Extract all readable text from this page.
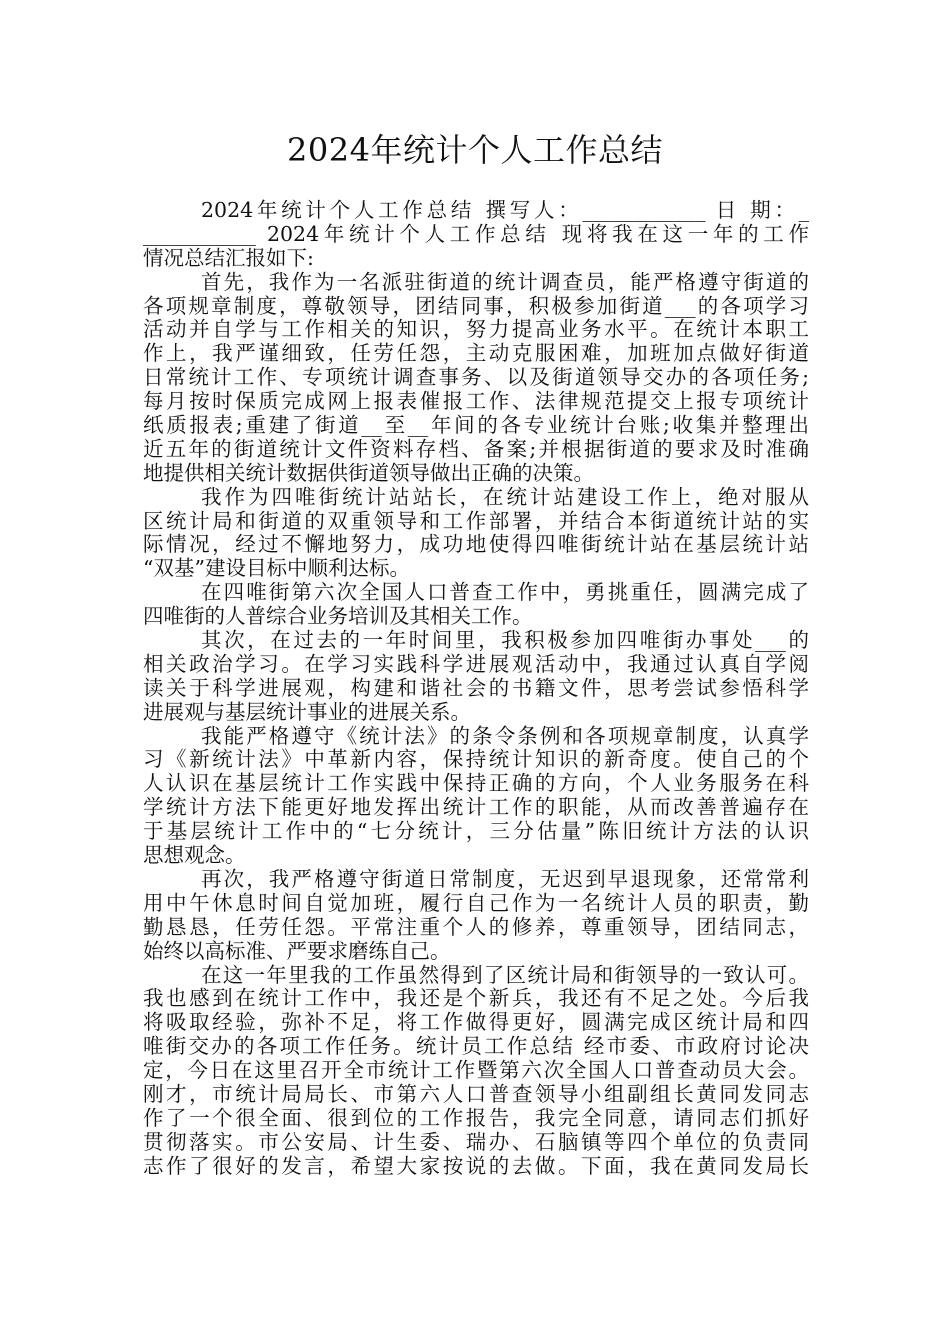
2024年统计个人工作总结
2024年统计个人工作总结 撰写人：____________ 日 期：_
___________ 2024年统计个人工作总结 现将我在这一年的工作
情况总结汇报如下:
首先，我作为一名派驻街道的统计调查员，能严格遵守街道的
各项规章制度，尊敬领导，团结同事，积极参加街道___的各项学习
活动并自学与工作相关的知识，努力提高业务水平。在统计本职工
作上，我严谨细致，任劳任怨，主动克服困难，加班加点做好街道
日常统计工作、专项统计调查事务、以及街道领导交办的各项任务;
每月按时保质完成网上报表催报工作、法律规范提交上报专项统计
纸质报表;重建了街道__至__年间的各专业统计台账;收集并整理出
近五年的街道统计文件资料存档、备案;并根据街道的要求及时准确
地提供相关统计数据供街道领导做出正确的决策。
我作为四唯街统计站站长，在统计站建设工作上，绝对服从
区统计局和街道的双重领导和工作部署，并结合本街道统计站的实
际情况，经过不懈地努力，成功地使得四唯街统计站在基层统计站
“双基”建设目标中顺利达标。
在四唯街第六次全国人口普查工作中，勇挑重任，圆满完成了
四唯街的人普综合业务培训及其相关工作。
其次，在过去的一年时间里，我积极参加四唯街办事处___的
相关政治学习。在学习实践科学进展观活动中，我通过认真自学阅
读关于科学进展观，构建和谐社会的书籍文件，思考尝试参悟科学
进展观与基层统计事业的进展关系。
我能严格遵守《统计法》的条令条例和各项规章制度，认真学
习《新统计法》中革新内容，保持统计知识的新奇度。使自己的个
人认识在基层统计工作实践中保持正确的方向，个人业务服务在科
学统计方法下能更好地发挥出统计工作的职能，从而改善普遍存在
于基层统计工作中的“七分统计，三分估量”陈旧统计方法的认识
思想观念。
再次，我严格遵守街道日常制度，无迟到早退现象，还常常利
用中午休息时间自觉加班，履行自己作为一名统计人员的职责，勤
勤恳恳，任劳任怨。平常注重个人的修养，尊重领导，团结同志，
始终以高标准、严要求磨练自己。
在这一年里我的工作虽然得到了区统计局和街领导的一致认可。
我也感到在统计工作中，我还是个新兵，我还有不足之处。今后我
将吸取经验，弥补不足，将工作做得更好，圆满完成区统计局和四
唯街交办的各项工作任务。统计员工作总结 经市委、市政府讨论决
定，今日在这里召开全市统计工作暨第六次全国人口普查动员大会。
刚才，市统计局局长、市第六人口普查领导小组副组长黄同发同志
作了一个很全面、很到位的工作报告，我完全同意，请同志们抓好
贯彻落实。市公安局、计生委、瑞办、石脑镇等四个单位的负责同
志作了很好的发言，希望大家按说的去做。下面，我在黄同发局长
